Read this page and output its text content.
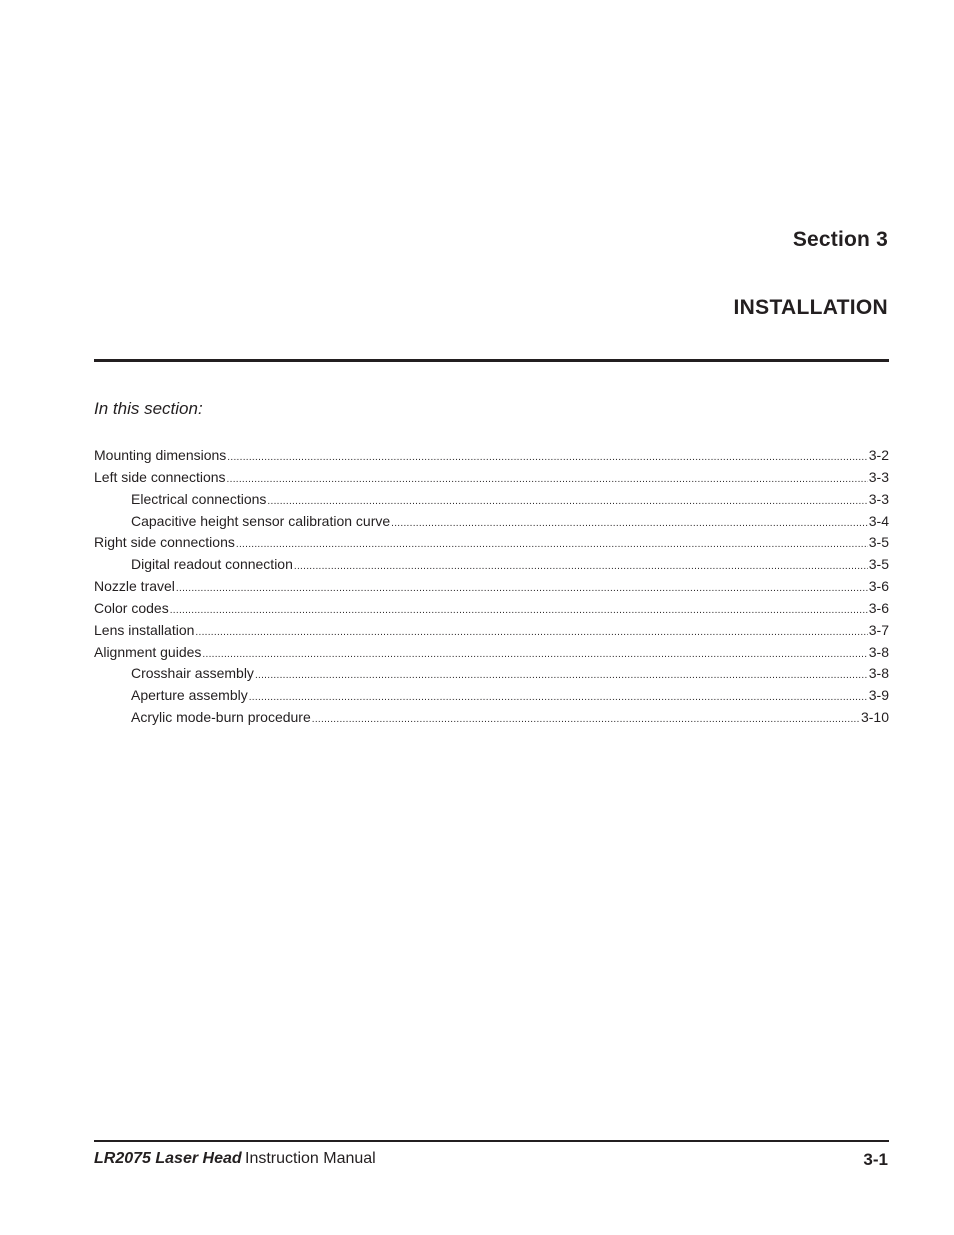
Section 3
INSTALLATION
In this section:
Mounting dimensions .....	3-2
Left side connections .....	3-3
Electrical connections .....	3-3
Capacitive height sensor calibration curve .....	3-4
Right side connections .....	3-5
Digital readout connection .....	3-5
Nozzle travel .....	3-6
Color codes .....	3-6
Lens installation .....	3-7
Alignment guides .....	3-8
Crosshair assembly .....	3-8
Aperture assembly .....	3-9
Acrylic mode-burn procedure .....	3-10
LR2075 Laser Head Instruction Manual	3-1
